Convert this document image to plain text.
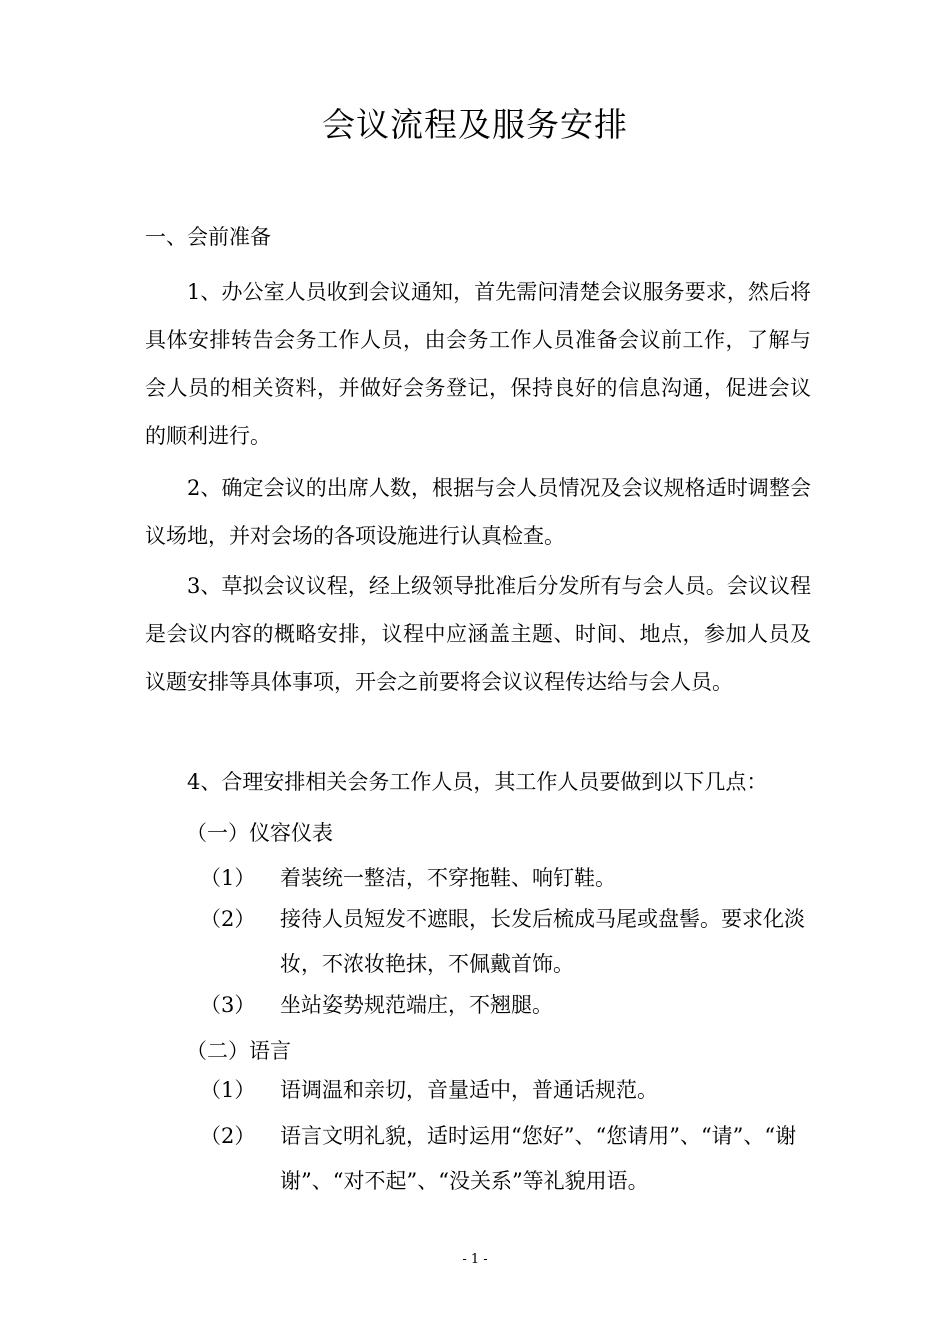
会议流程及服务安排
一、会前准备
1、办公室人员收到会议通知，首先需问清楚会议服务要求，然后将具体安排转告会务工作人员，由会务工作人员准备会议前工作，了解与会人员的相关资料，并做好会务登记，保持良好的信息沟通，促进会议的顺利进行。
2、确定会议的出席人数，根据与会人员情况及会议规格适时调整会议场地，并对会场的各项设施进行认真检查。
3、草拟会议议程，经上级领导批准后分发所有与会人员。会议议程是会议内容的概略安排，议程中应涵盖主题、时间、地点，参加人员及议题安排等具体事项，开会之前要将会议议程传达给与会人员。
4、合理安排相关会务工作人员，其工作人员要做到以下几点：
（一）仪容仪表
（1）	着装统一整洁，不穿拖鞋、响钉鞋。
（2）	接待人员短发不遮眼，长发后梳成马尾或盘髻。要求化淡妆，不浓妆艳抹，不佩戴首饰。
（3）	坐站姿势规范端庄，不翘腿。
（二）语言
（1）	语调温和亲切，音量适中，普通话规范。
（2）	语言文明礼貌，适时运用“您好”、“您请用”、“请”、“谢谢”、“对不起”、“没关系”等礼貌用语。
- 1 -
